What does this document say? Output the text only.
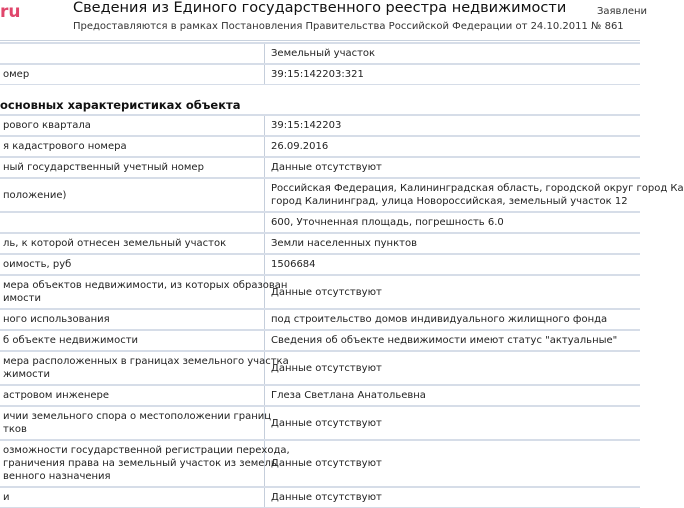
ru	Сведения из Единого государственного реестра недвижимости
Предоставляются в рамках Постановления Правительства Российской Федерации от 24.10.2011 № 861
Заявлени
	Земельный участок
омер	39:15:142203:321
основных характеристиках объекта
рового квартала	39:15:142203
я кадастрового номера	26.09.2016
ный государственный учетный номер	Данные отсутствуют
положение)	Российская Федерация, Калининградская область, городской округ город Ка
город Калининград, улица Новороссийская, земельный участок 12
	600, Уточненная площадь, погрешность 6.0
ль, к которой отнесен земельный участок	Земли населенных пунктов
оимость, руб	1506684
мера объектов недвижимости, из которых образован
имости	Данные отсутствуют
ного использования	под строительство домов индивидуального жилищного фонда
б объекте недвижимости	Сведения об объекте недвижимости имеют статус "актуальные"
мера расположенных в границах земельного участка
жимости	Данные отсутствуют
астровом инженере	Глеза Светлана Анатольевна
ичии земельного спора о местоположении границ
тков	Данные отсутствуют
озможности государственной регистрации перехода,
граничения права на земельный участок из земель
венного назначения	Данные отсутствуют
и	Данные отсутствуют
